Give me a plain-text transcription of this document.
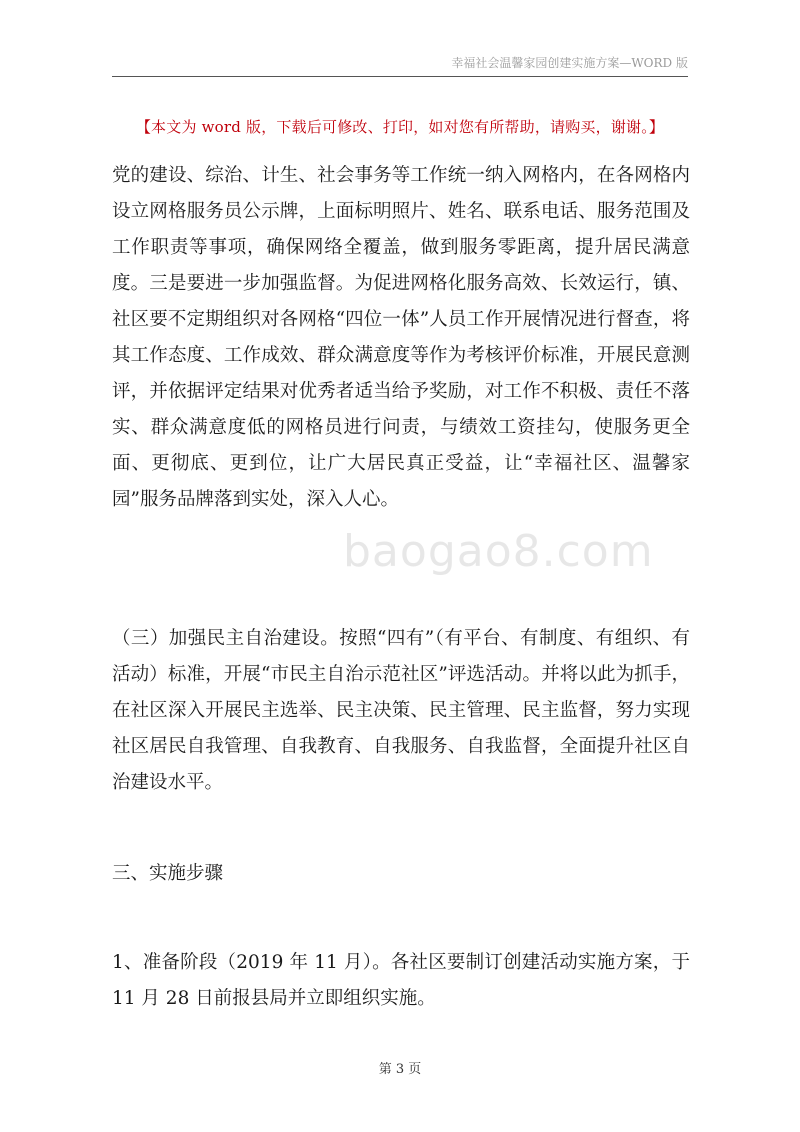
幸福社会温馨家园创建实施方案—WORD 版
【本文为 word 版，下载后可修改、打印，如对您有所帮助，请购买，谢谢。】

党的建设、综治、计生、社会事务等工作统一纳入网格内，在各网格内设立网格服务员公示牌，上面标明照片、姓名、联系电话、服务范围及工作职责等事项，确保网络全覆盖，做到服务零距离，提升居民满意度。三是要进一步加强监督。为促进网格化服务高效、长效运行，镇、社区要不定期组织对各网格“四位一体”人员工作开展情况进行督查，将其工作态度、工作成效、群众满意度等作为考核评价标准，开展民意测评，并依据评定结果对优秀者适当给予奖励，对工作不积极、责任不落实、群众满意度低的网格员进行问责，与绩效工资挂勾，使服务更全面、更彻底、更到位，让广大居民真正受益，让“幸福社区、温馨家园”服务品牌落到实处，深入人心。

baogao8.com

（三）加强民主自治建设。按照“四有”（有平台、有制度、有组织、有活动）标准，开展“市民主自治示范社区”评选活动。并将以此为抓手，在社区深入开展民主选举、民主决策、民主管理、民主监督，努力实现社区居民自我管理、自我教育、自我服务、自我监督，全面提升社区自治建设水平。

三、实施步骤

1、准备阶段（2019 年 11 月）。各社区要制订创建活动实施方案，于 11 月 28 日前报县局并立即组织实施。

第 3 页
